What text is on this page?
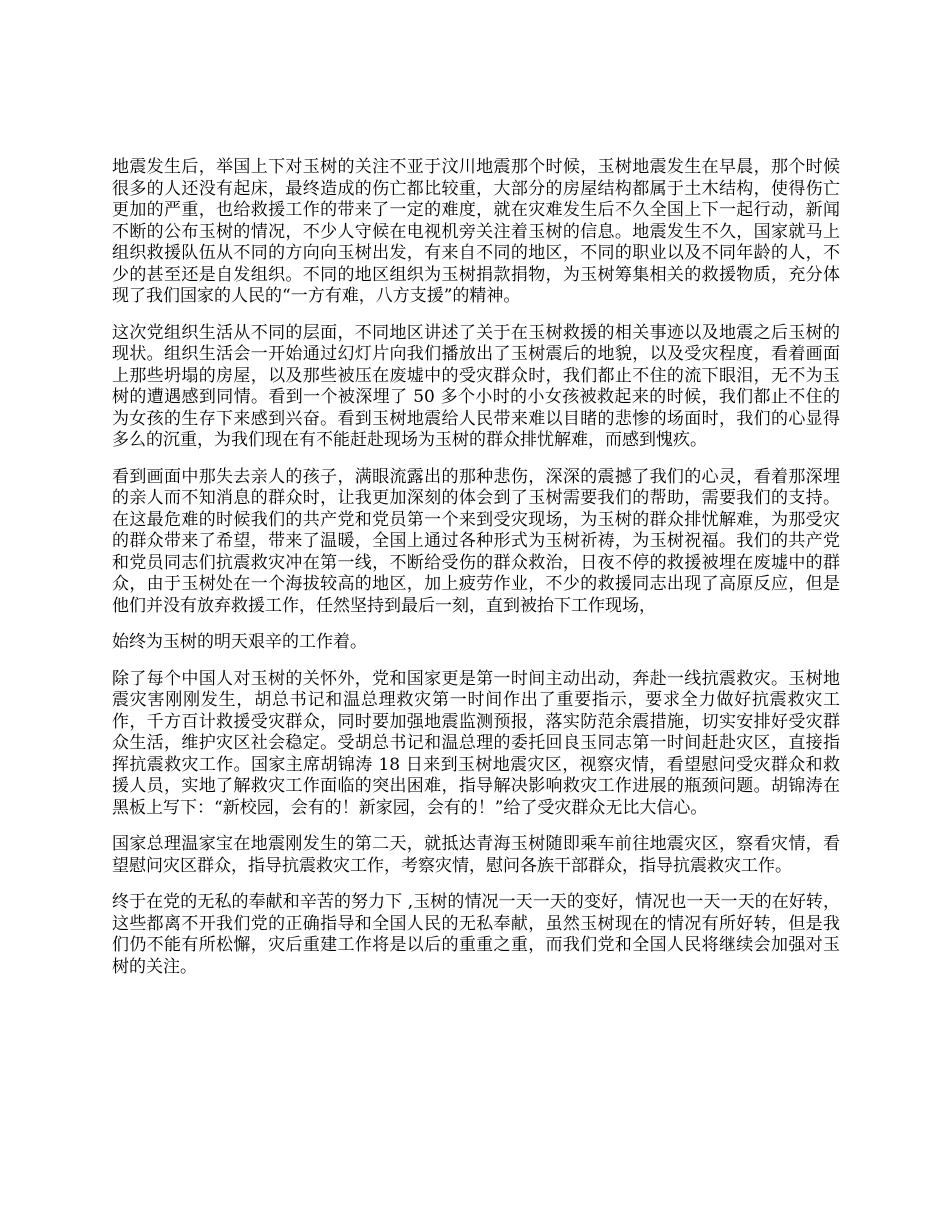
地震发生后，举国上下对玉树的关注不亚于汶川地震那个时候，玉树地震发生在早晨，那个时候很多的人还没有起床，最终造成的伤亡都比较重，大部分的房屋结构都属于土木结构，使得伤亡更加的严重，也给救援工作的带来了一定的难度，就在灾难发生后不久全国上下一起行动，新闻不断的公布玉树的情况，不少人守候在电视机旁关注着玉树的信息。地震发生不久，国家就马上组织救援队伍从不同的方向向玉树出发，有来自不同的地区，不同的职业以及不同年龄的人，不少的甚至还是自发组织。不同的地区组织为玉树捐款捐物，为玉树筹集相关的救援物质，充分体现了我们国家的人民的“一方有难，八方支援”的精神。

这次党组织生活从不同的层面，不同地区讲述了关于在玉树救援的相关事迹以及地震之后玉树的现状。组织生活会一开始通过幻灯片向我们播放出了玉树震后的地貌，以及受灾程度，看着画面上那些坍塌的房屋，以及那些被压在废墟中的受灾群众时，我们都止不住的流下眼泪，无不为玉树的遭遇感到同情。看到一个被深埋了 50 多个小时的小女孩被救起来的时候，我们都止不住的为女孩的生存下来感到兴奋。看到玉树地震给人民带来难以目睹的悲惨的场面时，我们的心显得多么的沉重，为我们现在有不能赶赴现场为玉树的群众排忧解难，而感到愧疚。

看到画面中那失去亲人的孩子，满眼流露出的那种悲伤，深深的震撼了我们的心灵，看着那深埋的亲人而不知消息的群众时，让我更加深刻的体会到了玉树需要我们的帮助，需要我们的支持。在这最危难的时候我们的共产党和党员第一个来到受灾现场，为玉树的群众排忧解难，为那受灾的群众带来了希望，带来了温暖，全国上通过各种形式为玉树祈祷，为玉树祝福。我们的共产党和党员同志们抗震救灾冲在第一线，不断给受伤的群众救治，日夜不停的救援被埋在废墟中的群众，由于玉树处在一个海拔较高的地区，加上疲劳作业，不少的救援同志出现了高原反应，但是他们并没有放弃救援工作，任然坚持到最后一刻，直到被抬下工作现场，

始终为玉树的明天艰辛的工作着。

除了每个中国人对玉树的关怀外，党和国家更是第一时间主动出动，奔赴一线抗震救灾。玉树地震灾害刚刚发生，胡总书记和温总理救灾第一时间作出了重要指示，要求全力做好抗震救灾工作，千方百计救援受灾群众，同时要加强地震监测预报，落实防范余震措施，切实安排好受灾群众生活，维护灾区社会稳定。受胡总书记和温总理的委托回良玉同志第一时间赶赴灾区，直接指挥抗震救灾工作。国家主席胡锦涛 18 日来到玉树地震灾区，视察灾情，看望慰问受灾群众和救援人员，实地了解救灾工作面临的突出困难，指导解决影响救灾工作进展的瓶颈问题。胡锦涛在黑板上写下：“新校园，会有的！新家园，会有的！”给了受灾群众无比大信心。

国家总理温家宝在地震刚发生的第二天，就抵达青海玉树随即乘车前往地震灾区，察看灾情，看望慰问灾区群众，指导抗震救灾工作，考察灾情，慰问各族干部群众，指导抗震救灾工作。

终于在党的无私的奉献和辛苦的努力下 ,玉树的情况一天一天的变好，情况也一天一天的在好转，这些都离不开我们党的正确指导和全国人民的无私奉献，虽然玉树现在的情况有所好转，但是我们仍不能有所松懈，灾后重建工作将是以后的重重之重，而我们党和全国人民将继续会加强对玉树的关注。
